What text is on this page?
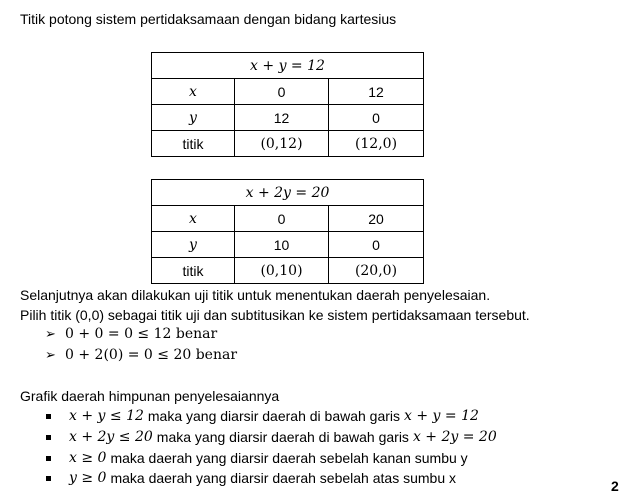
Titik potong sistem pertidaksamaan dengan bidang kartesius
x + y = 12		
x	0	12
y	12	0
titik	(0,12)	(12,0)
x + 2y = 20		
x	0	20
y	10	0
titik	(0,10)	(20,0)
Selanjutnya akan dilakukan uji titik untuk menentukan daerah penyelesaian.
Pilih titik (0,0) sebagai titik uji dan subtitusikan ke sistem pertidaksamaan tersebut.
➢ 0 + 0 = 0 ≤ 12 benar
➢ 0 + 2(0) = 0 ≤ 20 benar
Grafik daerah himpunan penyelesaiannya
x + y ≤ 12 maka yang diarsir daerah di bawah garis x + y = 12
x + 2y ≤ 20 maka yang diarsir daerah di bawah garis x + 2y = 20
x ≥ 0 maka daerah yang diarsir daerah sebelah kanan sumbu y
y ≥ 0 maka daerah yang diarsir daerah sebelah atas sumbu x	2
